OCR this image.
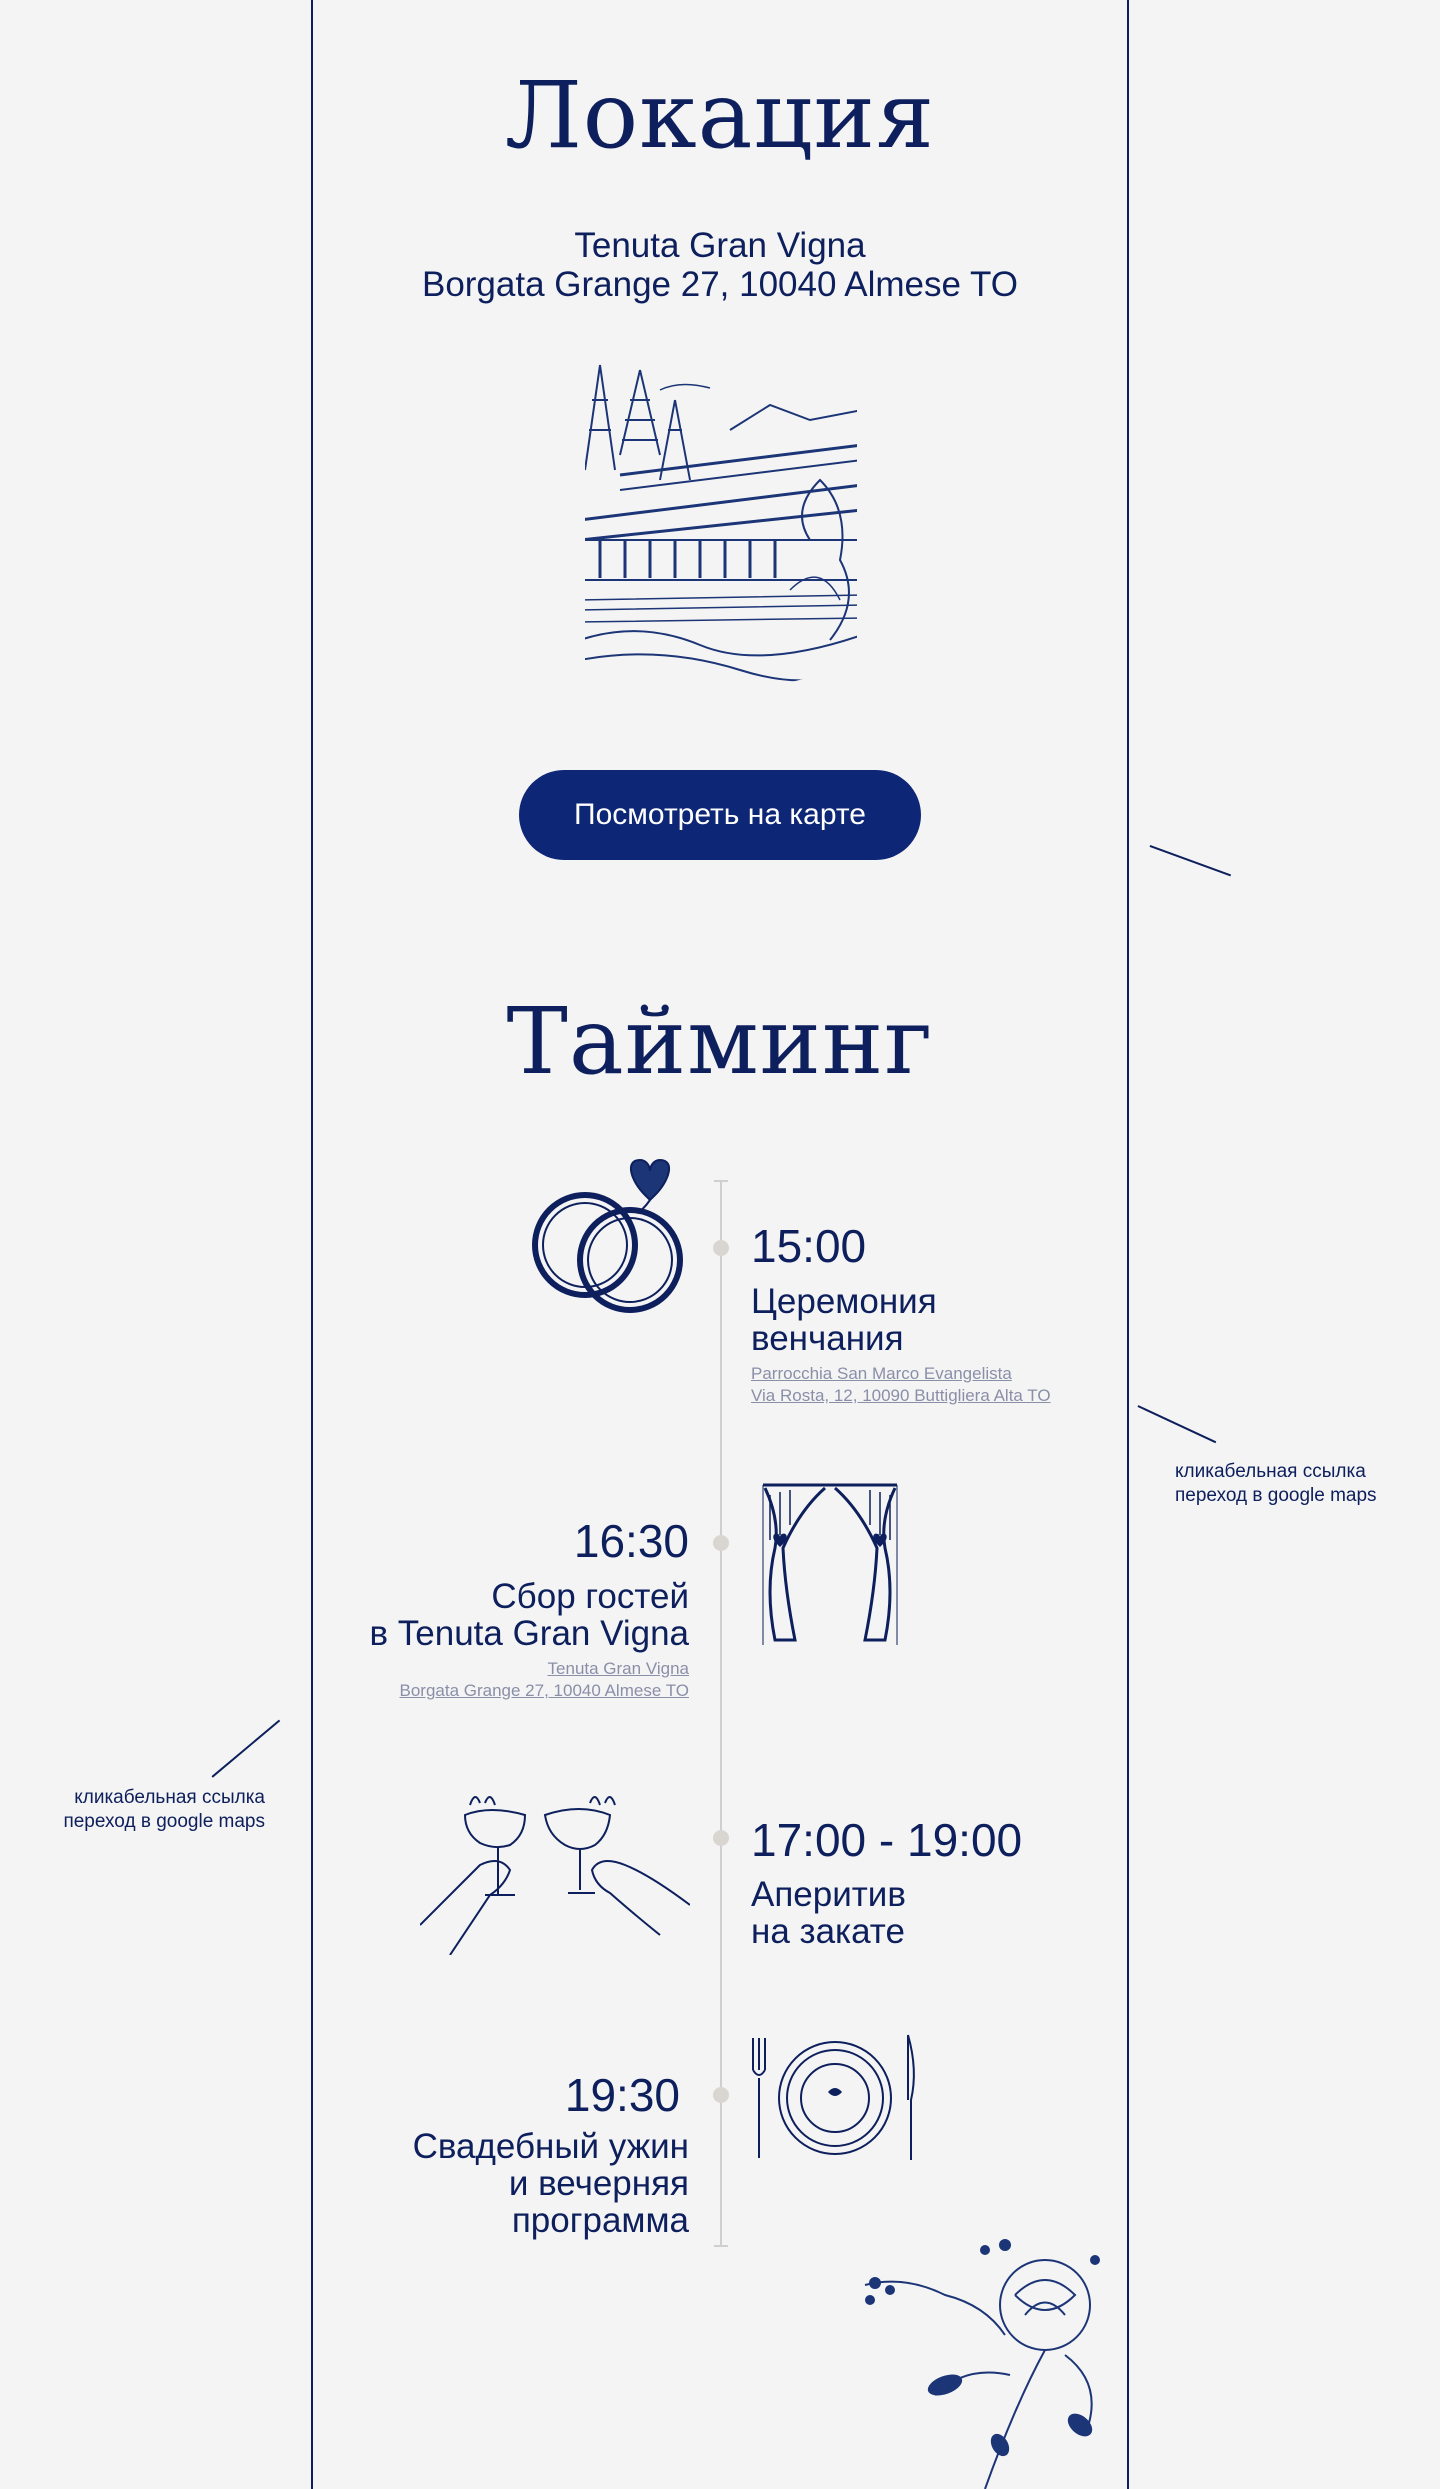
Локация
Tenuta Gran Vigna
Borgata Grange 27, 10040 Almese TO
Посмотреть на карте
Тайминг
15:00
Церемония
венчания
Parrocchia San Marco Evangelista
Via Rosta, 12, 10090 Buttigliera Alta TO
кликабельная ссылка
переход в google maps
16:30
Сбор гостей
в Tenuta Gran Vigna
Tenuta Gran Vigna
Borgata Grange 27, 10040 Almese TO
кликабельная ссылка
переход в google maps	17:00 - 19:00
Аперитив
на закате
19:30
Свадебный ужин
и вечерняя
программа
